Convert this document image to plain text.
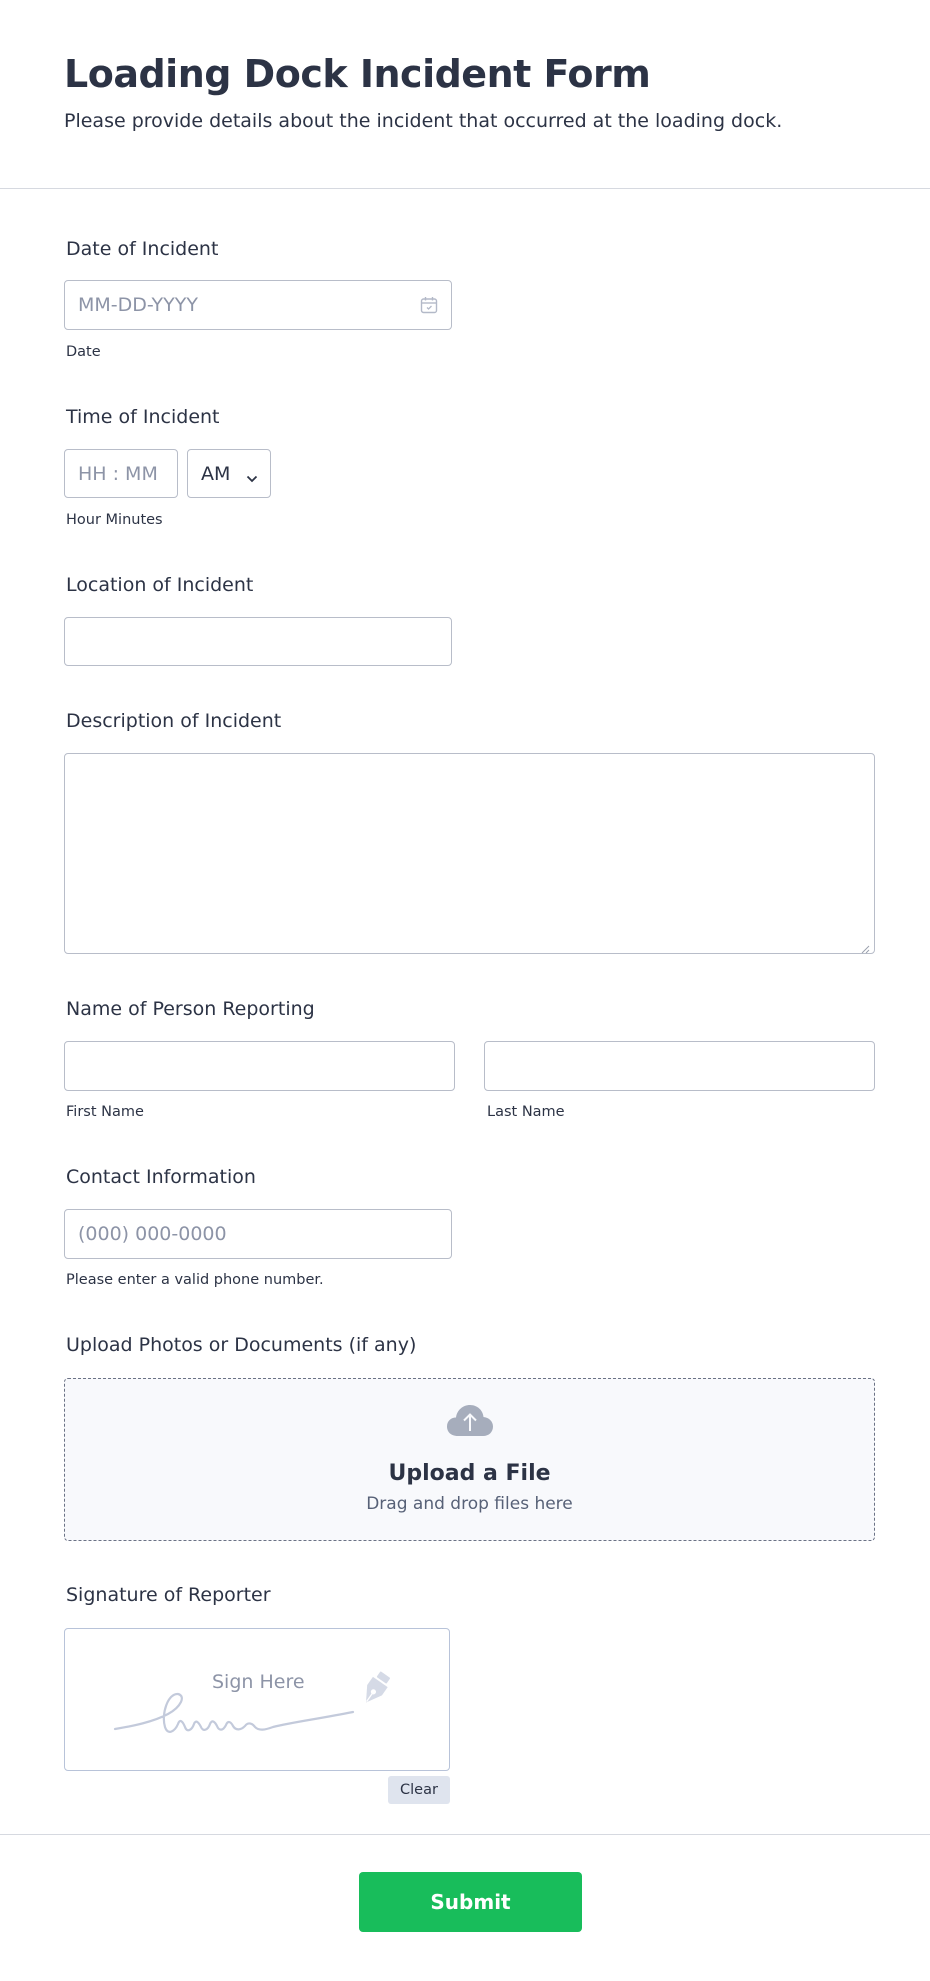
Loading Dock Incident Form
Please provide details about the incident that occurred at the loading dock.
Date of Incident
MM-DD-YYYY
Date
Time of Incident
HH : MM AM
Hour Minutes
Location of Incident
Description of Incident
Name of Person Reporting
First Name	Last Name
Contact Information
(000) 000-0000
Please enter a valid phone number.
Upload Photos or Documents (if any)
Upload a File
Drag and drop files here
Signature of Reporter
Sign Here
Clear
Submit
